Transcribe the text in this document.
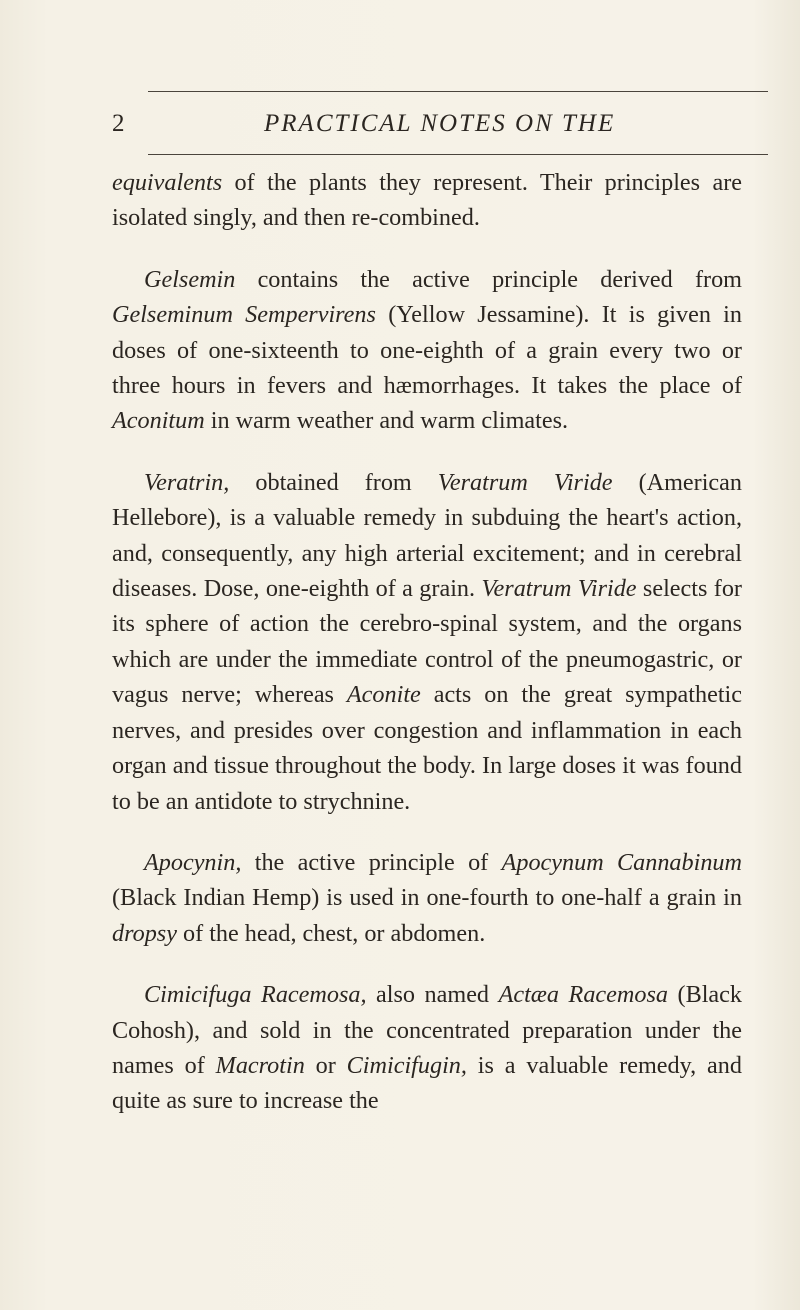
2	PRACTICAL NOTES ON THE

equivalents of the plants they represent. Their principles are isolated singly, and then re-combined.

Gelsemin contains the active principle derived from Gelseminum Sempervirens (Yellow Jessamine). It is given in doses of one-sixteenth to one-eighth of a grain every two or three hours in fevers and hæmorrhages. It takes the place of Aconitum in warm weather and warm climates.

Veratrin, obtained from Veratrum Viride (American Hellebore), is a valuable remedy in subduing the heart's action, and, consequently, any high arterial excitement; and in cerebral diseases. Dose, one-eighth of a grain. Veratrum Viride selects for its sphere of action the cerebro-spinal system, and the organs which are under the immediate control of the pneumogastric, or vagus nerve; whereas Aconite acts on the great sympathetic nerves, and presides over congestion and inflammation in each organ and tissue throughout the body. In large doses it was found to be an antidote to strychnine.

Apocynin, the active principle of Apocynum Cannabinum (Black Indian Hemp) is used in one-fourth to one-half a grain in dropsy of the head, chest, or abdomen.

Cimicifuga Racemosa, also named Actæa Racemosa (Black Cohosh), and sold in the concentrated preparation under the names of Macrotin or Cimicifugin, is a valuable remedy, and quite as sure to increase the
